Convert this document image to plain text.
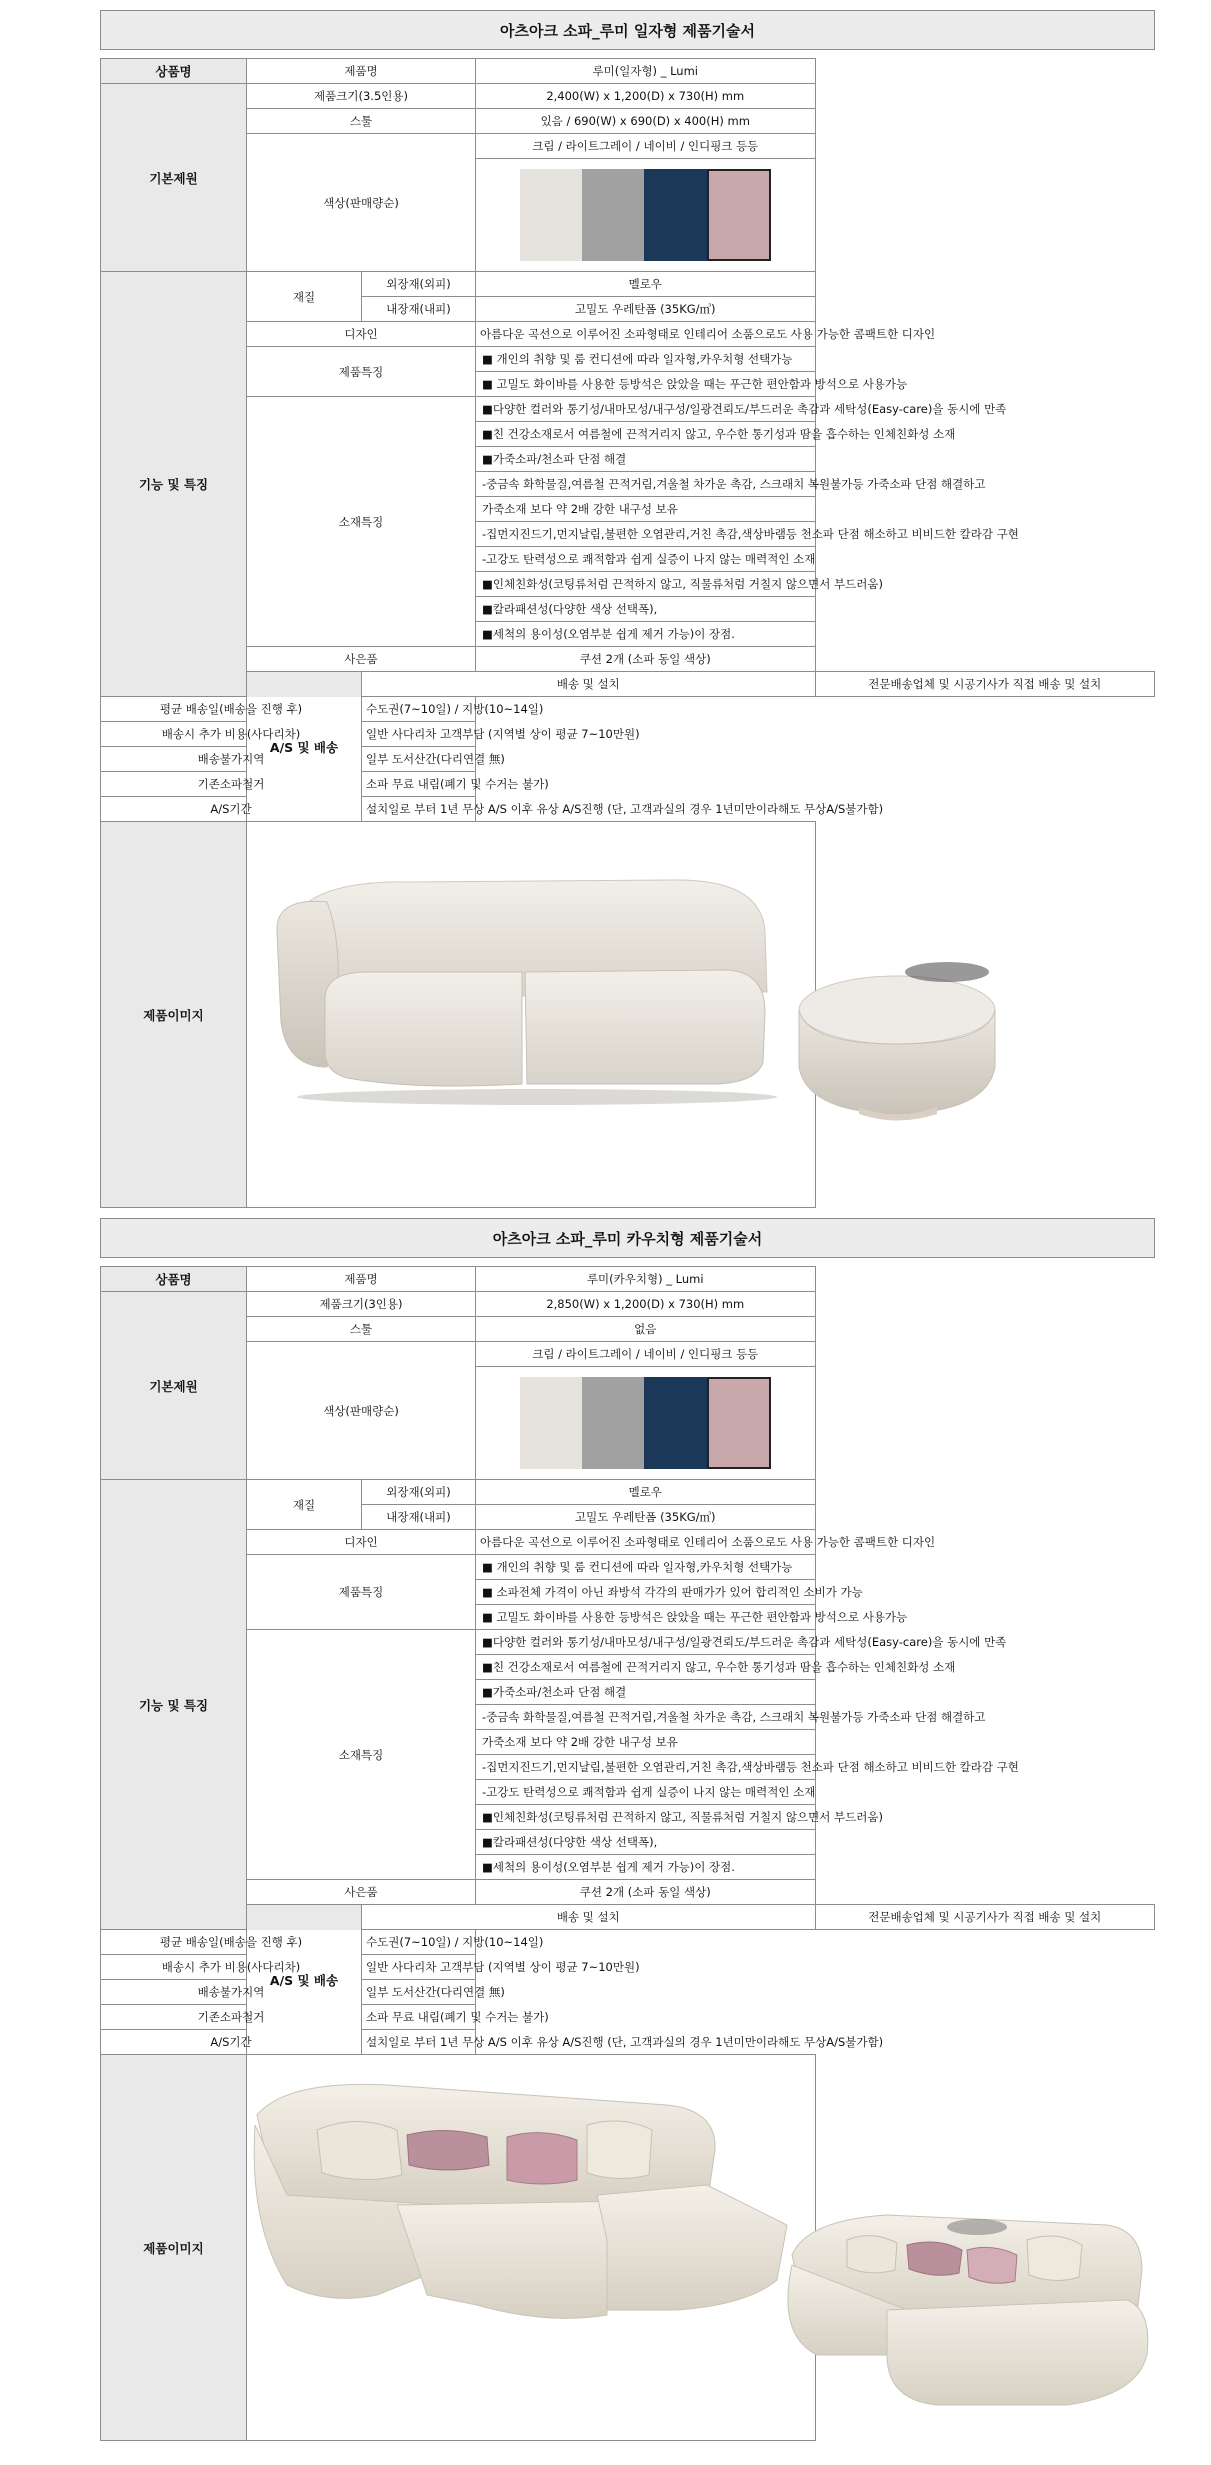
아츠아크 소파_루미 일자형 제품기술서
상품명	제품명		루미(일자형) _ Lumi	
기본제원	제품크기(3.5인용)		2,400(W) x 1,200(D) x 730(H) mm	
	스툴		있음 / 690(W) x 690(D) x 400(H) mm	
	색상(판매량순)		크림 / 라이트그레이 / 네이비 / 인디핑크 등등	

기능 및 특징	재질	외장재(외피)	멜로우	
		내장재(내피)	고밀도 우레탄폼 (35KG/㎥)	
	디자인		아름다운 곡선으로 이루어진 소파형태로 인테리어 소품으로도 사용 가능한 콤팩트한 디자인	
	제품특징		■ 개인의 취향 및 룸 컨디션에 따라 일자형,카우치형 선택가능	
			■ 고밀도 화이바를 사용한 등방석은 앉았을 때는 푸근한 편안함과 방석으로 사용가능	
	소재특징		■다양한 컬러와 통기성/내마모성/내구성/일광견뢰도/부드러운 촉감과 세탁성(Easy-care)을 동시에 만족	
			■친 건강소재로서 여름철에 끈적거리지 않고, 우수한 통기성과 땀을 흡수하는 인체친화성 소재	
			■가죽소파/천소파 단점 해결	
			-중금속 화학물질,여름철 끈적거림,겨울철 차가운 촉감, 스크래치 복원불가등 가죽소파 단점 해결하고	
			가죽소재 보다 약 2배 강한 내구성 보유	
			-집먼지진드기,먼지날림,불편한 오염관리,거친 촉감,색상바램등 천소파 단점 해소하고 비비드한 칼라감 구현	
			-고강도 탄력성으로 쾌적함과 쉽게 실증이 나지 않는 매력적인 소재	
			■인체친화성(코팅류처럼 끈적하지 않고, 직물류처럼 거칠지 않으면서 부드러움)	
			■칼라패션성(다양한 색상 선택폭),	
			■세척의 용이성(오염부분 쉽게 제거 가능)이 장점.	
	사은품		쿠션 2개 (소파 동일 색상)	
	A/S 및 배송	배송 및 설치		전문배송업체 및 시공기사가 직접 배송 및 설치
평균 배송일(배송을 진행 후)		수도권(7~10일) / 지방(10~14일)		
배송시 추가 비용(사다리차)		일반 사다리차 고객부담 (지역별 상이 평균 7~10만원)		
배송불가지역		일부 도서산간(다리연결 無)		
기존소파철거		소파 무료 내림(폐기 및 수거는 불가)		
A/S기간		설치일로 부터 1년 무상 A/S 이후 유상 A/S진행 (단, 고객과실의 경우 1년미만이라해도 무상A/S불가함)		
제품이미지	
아츠아크 소파_루미 카우치형 제품기술서
상품명	제품명		루미(카우치형) _ Lumi	
기본제원	제품크기(3인용)		2,850(W) x 1,200(D) x 730(H) mm	
	스툴		없음	
	색상(판매량순)		크림 / 라이트그레이 / 네이비 / 인디핑크 등등	

기능 및 특징	재질	외장재(외피)	멜로우	
		내장재(내피)	고밀도 우레탄폼 (35KG/㎥)	
	디자인		아름다운 곡선으로 이루어진 소파형태로 인테리어 소품으로도 사용 가능한 콤팩트한 디자인	
	제품특징		■ 개인의 취향 및 룸 컨디션에 따라 일자형,카우치형 선택가능	
			■ 소파전체 가격이 아닌 좌방석 각각의 판매가가 있어 합리적인 소비가 가능	
			■ 고밀도 화이바를 사용한 등방석은 앉았을 때는 푸근한 편안함과 방석으로 사용가능	
	소재특징		■다양한 컬러와 통기성/내마모성/내구성/일광견뢰도/부드러운 촉감과 세탁성(Easy-care)을 동시에 만족	
			■친 건강소재로서 여름철에 끈적거리지 않고, 우수한 통기성과 땀을 흡수하는 인체친화성 소재	
			■가죽소파/천소파 단점 해결	
			-중금속 화학물질,여름철 끈적거림,겨울철 차가운 촉감, 스크래치 복원불가등 가죽소파 단점 해결하고	
			가죽소재 보다 약 2배 강한 내구성 보유	
			-집먼지진드기,먼지날림,불편한 오염관리,거친 촉감,색상바램등 천소파 단점 해소하고 비비드한 칼라감 구현	
			-고강도 탄력성으로 쾌적함과 쉽게 실증이 나지 않는 매력적인 소재	
			■인체친화성(코팅류처럼 끈적하지 않고, 직물류처럼 거칠지 않으면서 부드러움)	
			■칼라패션성(다양한 색상 선택폭),	
			■세척의 용이성(오염부분 쉽게 제거 가능)이 장점.	
	사은품		쿠션 2개 (소파 동일 색상)	
	A/S 및 배송	배송 및 설치		전문배송업체 및 시공기사가 직접 배송 및 설치
평균 배송일(배송을 진행 후)		수도권(7~10일) / 지방(10~14일)		
배송시 추가 비용(사다리차)		일반 사다리차 고객부담 (지역별 상이 평균 7~10만원)		
배송불가지역		일부 도서산간(다리연결 無)		
기존소파철거		소파 무료 내림(폐기 및 수거는 불가)		
A/S기간		설치일로 부터 1년 무상 A/S 이후 유상 A/S진행 (단, 고객과실의 경우 1년미만이라해도 무상A/S불가함)		
제품이미지	
